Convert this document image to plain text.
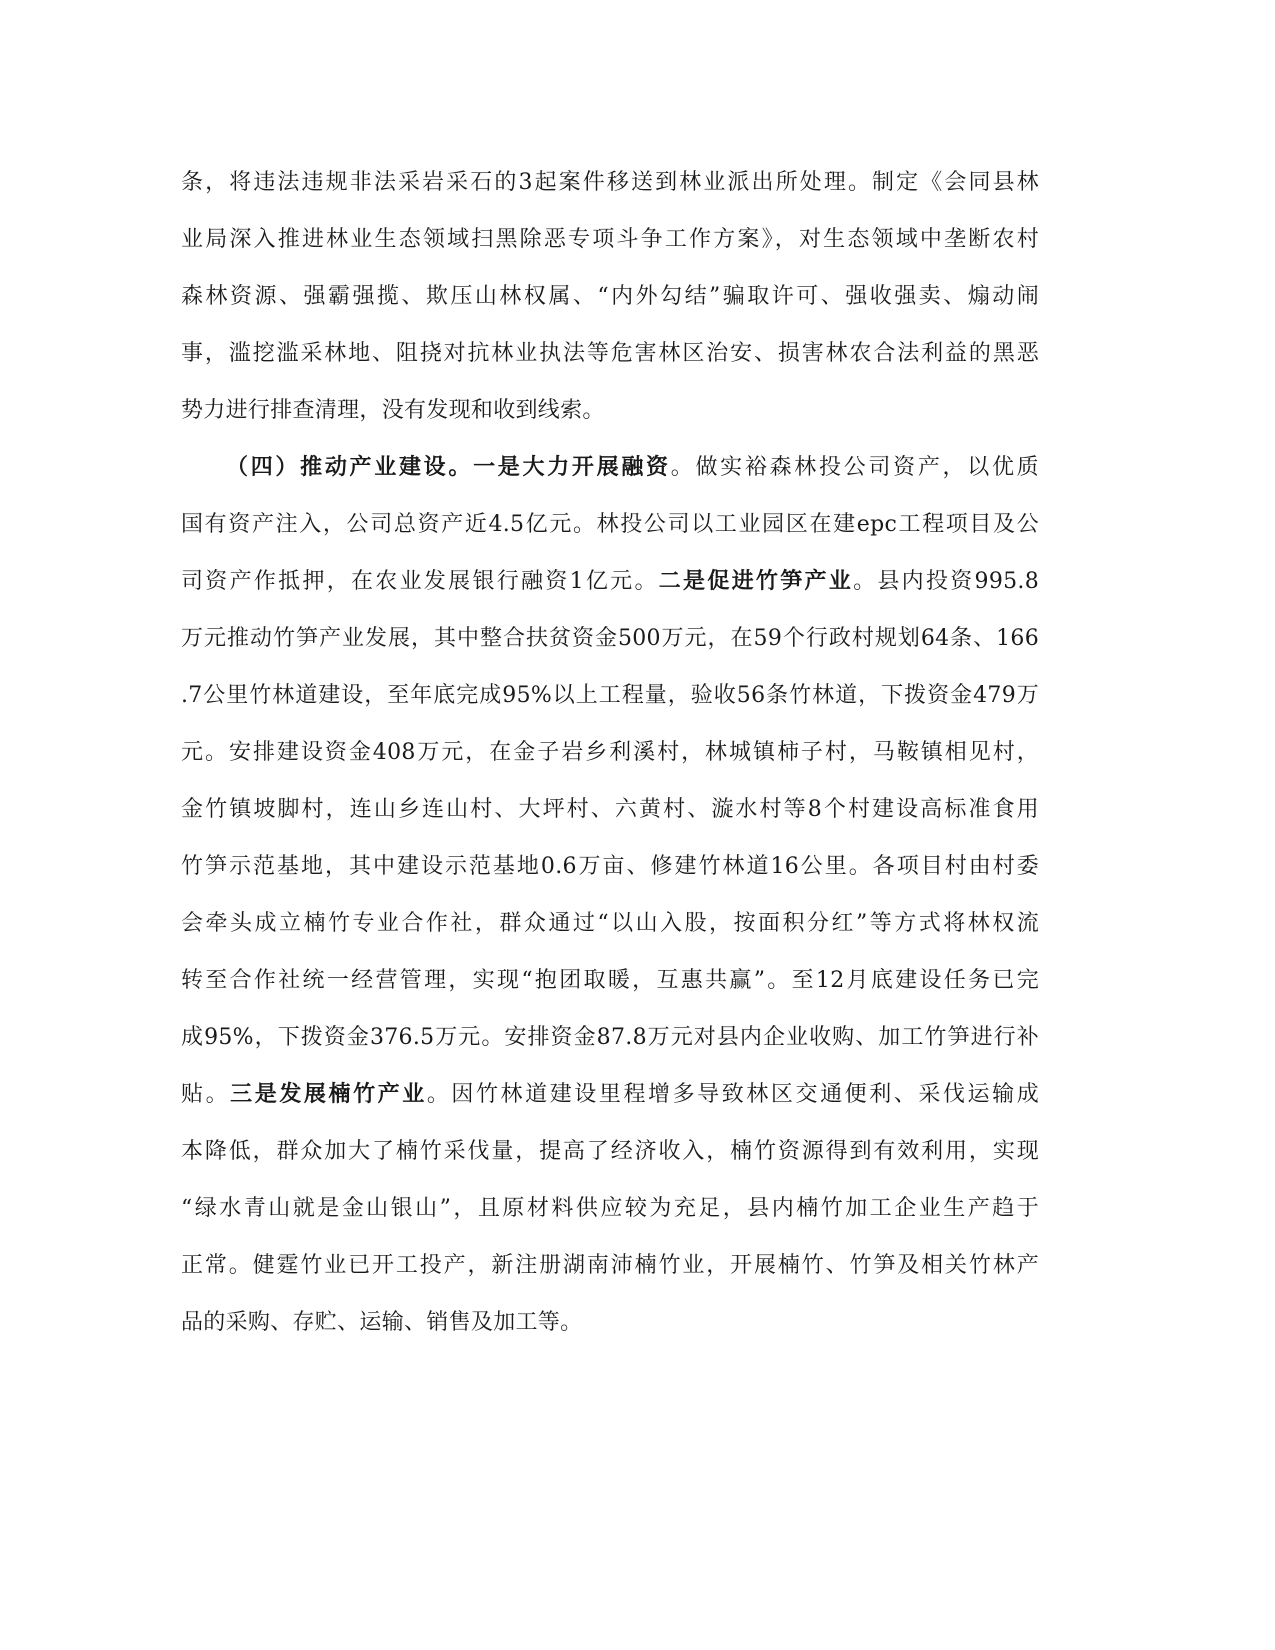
条，将违法违规非法采岩采石的3起案件移送到林业派出所处理。制定《会同县林
业局深入推进林业生态领域扫黑除恶专项斗争工作方案》，对生态领域中垄断农村
森林资源、强霸强揽、欺压山林权属、“内外勾结”骗取许可、强收强卖、煽动闹
事，滥挖滥采林地、阻挠对抗林业执法等危害林区治安、损害林农合法利益的黑恶
势力进行排查清理，没有发现和收到线索。
（四）推动产业建设。一是大力开展融资。做实裕森林投公司资产，以优质
国有资产注入，公司总资产近4.5亿元。林投公司以工业园区在建epc工程项目及公
司资产作抵押，在农业发展银行融资1亿元。二是促进竹笋产业。县内投资995.8
万元推动竹笋产业发展，其中整合扶贫资金500万元，在59个行政村规划64条、166
.7公里竹林道建设，至年底完成95%以上工程量，验收56条竹林道，下拨资金479万
元。安排建设资金408万元，在金子岩乡利溪村，林城镇柿子村，马鞍镇相见村，
金竹镇坡脚村，连山乡连山村、大坪村、六黄村、漩水村等8个村建设高标准食用
竹笋示范基地，其中建设示范基地0.6万亩、修建竹林道16公里。各项目村由村委
会牵头成立楠竹专业合作社，群众通过“以山入股，按面积分红”等方式将林权流
转至合作社统一经营管理，实现“抱团取暖，互惠共赢”。至12月底建设任务已完
成95%，下拨资金376.5万元。安排资金87.8万元对县内企业收购、加工竹笋进行补
贴。三是发展楠竹产业。因竹林道建设里程增多导致林区交通便利、采伐运输成
本降低，群众加大了楠竹采伐量，提高了经济收入，楠竹资源得到有效利用，实现
“绿水青山就是金山银山”，且原材料供应较为充足，县内楠竹加工企业生产趋于
正常。健霆竹业已开工投产，新注册湖南沛楠竹业，开展楠竹、竹笋及相关竹林产
品的采购、存贮、运输、销售及加工等。
